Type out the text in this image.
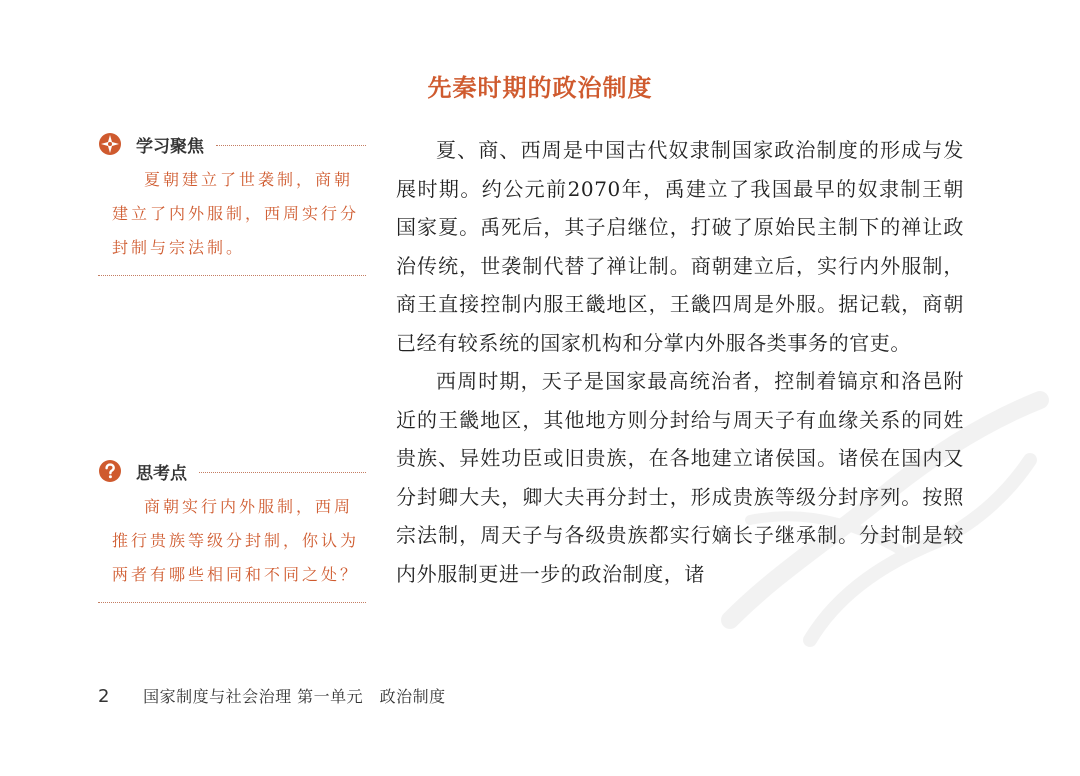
先秦时期的政治制度
学习聚焦
夏朝建立了世袭制，商朝建立了内外服制，西周实行分封制与宗法制。
思考点
商朝实行内外服制，西周推行贵族等级分封制，你认为两者有哪些相同和不同之处？

夏、商、西周是中国古代奴隶制国家政治制度的形成与发展时期。约公元前2070年，禹建立了我国最早的奴隶制王朝国家夏。禹死后，其子启继位，打破了原始民主制下的禅让政治传统，世袭制代替了禅让制。商朝建立后，实行内外服制，商王直接控制内服王畿地区，王畿四周是外服。据记载，商朝已经有较系统的国家机构和分掌内外服各类事务的官吏。

西周时期，天子是国家最高统治者，控制着镐京和洛邑附近的王畿地区，其他地方则分封给与周天子有血缘关系的同姓贵族、异姓功臣或旧贵族，在各地建立诸侯国。诸侯在国内又分封卿大夫，卿大夫再分封士，形成贵族等级分封序列。按照宗法制，周天子与各级贵族都实行嫡长子继承制。分封制是较内外服制更进一步的政治制度，诸

2 国家制度与社会治理 第一单元　政治制度
